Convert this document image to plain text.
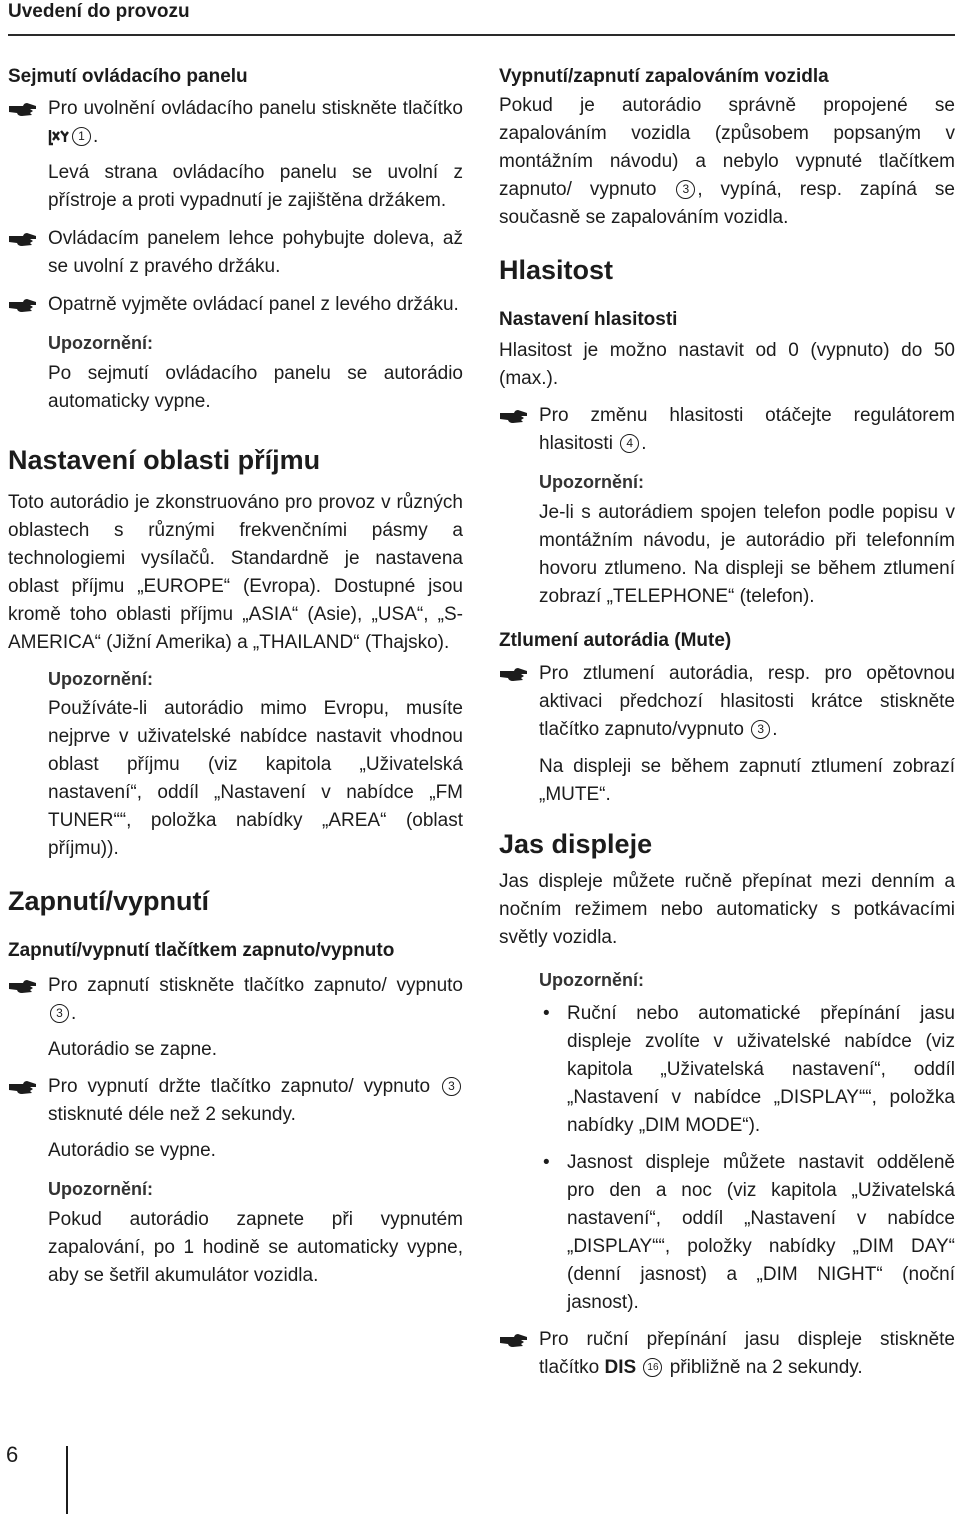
Uvedení do provozu
Sejmutí ovládacího panelu
Pro uvolnění ovládacího panelu stiskněte tlačítko 1 .
Levá strana ovládacího panelu se uvolní z přístroje a proti vypadnutí je zajištěna držákem.
Ovládacím panelem lehce pohybujte doleva, až se uvolní z pravého držáku.
Opatrně vyjměte ovládací panel z levého držáku.
Upozornění:
Po sejmutí ovládacího panelu se autorádio automaticky vypne.
Nastavení oblasti příjmu
Toto autorádio je zkonstruováno pro provoz v různých oblastech s různými frekvenčními pásmy a technologiemi vysílačů. Standardně je nastavena oblast příjmu „EUROPE“ (Evropa). Dostupné jsou kromě toho oblasti příjmu „ASIA“ (Asie), „USA“, „S-AMERICA“ (Jižní Amerika) a „THAILAND“ (Thajsko).
Upozornění:
Používáte-li autorádio mimo Evropu, musíte nejprve v uživatelské nabídce nastavit vhodnou oblast příjmu (viz kapitola „Uživatelská nastavení“, oddíl „Nastavení v nabídce „FM TUNER““, položka nabídky „AREA“ (oblast příjmu)).
Zapnutí/vypnutí
Zapnutí/vypnutí tlačítkem zapnuto/vypnuto
Pro zapnutí stiskněte tlačítko zapnuto/ vypnuto 3 .
Autorádio se zapne.
Pro vypnutí držte tlačítko zapnuto/ vypnuto 3 stisknuté déle než 2 sekundy.
Autorádio se vypne.
Upozornění:
Pokud autorádio zapnete při vypnutém zapalování, po 1 hodině se automaticky vypne, aby se šetřil akumulátor vozidla.
Vypnutí/zapnutí zapalováním vozidla
Pokud je autorádio správně propojené se zapalováním vozidla (způsobem popsaným v montážním návodu) a nebylo vypnuté tlačítkem zapnuto/ vypnuto 3 , vypíná, resp. zapíná se současně se zapalováním vozidla.
Hlasitost
Nastavení hlasitosti
Hlasitost je možno nastavit od 0 (vypnuto) do 50 (max.).
Pro změnu hlasitosti otáčejte regulátorem hlasitosti 4 .
Upozornění:
Je-li s autorádiem spojen telefon podle popisu v montážním návodu, je autorádio při telefonním hovoru ztlumeno. Na displeji se během ztlumení zobrazí „TELEPHONE“ (telefon).
Ztlumení autorádia (Mute)
Pro ztlumení autorádia, resp. pro opětovnou aktivaci předchozí hlasitosti krátce stiskněte tlačítko zapnuto/vypnuto 3 .
Na displeji se během zapnutí ztlumení zobrazí „MUTE“.
Jas displeje
Jas displeje můžete ručně přepínat mezi denním a nočním režimem nebo automaticky s potkávacími světly vozidla.
Upozornění:
• Ruční nebo automatické přepínání jasu displeje zvolíte v uživatelské nabídce (viz kapitola „Uživatelská nastavení“, oddíl „Nastavení v nabídce „DISPLAY““, položka nabídky „DIM MODE“).
• Jasnost displeje můžete nastavit odděleně pro den a noc (viz kapitola „Uživatelská nastavení“, oddíl „Nastavení v nabídce „DISPLAY““, položky nabídky „DIM DAY“ (denní jasnost) a „DIM NIGHT“ (noční jasnost).
Pro ruční přepínání jasu displeje stiskněte tlačítko DIS 16 přibližně na 2 sekundy.
6
